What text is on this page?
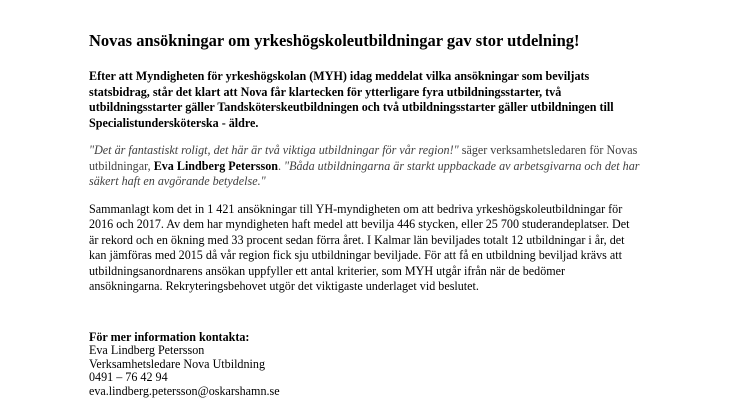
Novas ansökningar om yrkeshögskoleutbildningar gav stor utdelning!

Efter att Myndigheten för yrkeshögskolan (MYH) idag meddelat vilka ansökningar som beviljats statsbidrag, står det klart att Nova får klartecken för ytterligare fyra utbildningsstarter, två utbildningsstarter gäller Tandsköterskeutbildningen och två utbildningsstarter gäller utbildningen till Specialistundersköterska - äldre.

"Det är fantastiskt roligt, det här är två viktiga utbildningar för vår region!" säger verksamhetsledaren för Novas utbildningar, Eva Lindberg Petersson. "Båda utbildningarna är starkt uppbackade av arbetsgivarna och det har säkert haft en avgörande betydelse."

Sammanlagt kom det in 1 421 ansökningar till YH-myndigheten om att bedriva yrkeshögskoleutbildningar för 2016 och 2017. Av dem har myndigheten haft medel att bevilja 446 stycken, eller 25 700 studerandeplatser. Det är rekord och en ökning med 33 procent sedan förra året. I Kalmar län beviljades totalt 12 utbildningar i år, det kan jämföras med 2015 då vår region fick sju utbildningar beviljade. För att få en utbildning beviljad krävs att utbildningsanordnarens ansökan uppfyller ett antal kriterier, som MYH utgår ifrån när de bedömer ansökningarna. Rekryteringsbehovet utgör det viktigaste underlaget vid beslutet.

För mer information kontakta:
Eva Lindberg Petersson
Verksamhetsledare Nova Utbildning
0491 – 76 42 94
eva.lindberg.petersson@oskarshamn.se
